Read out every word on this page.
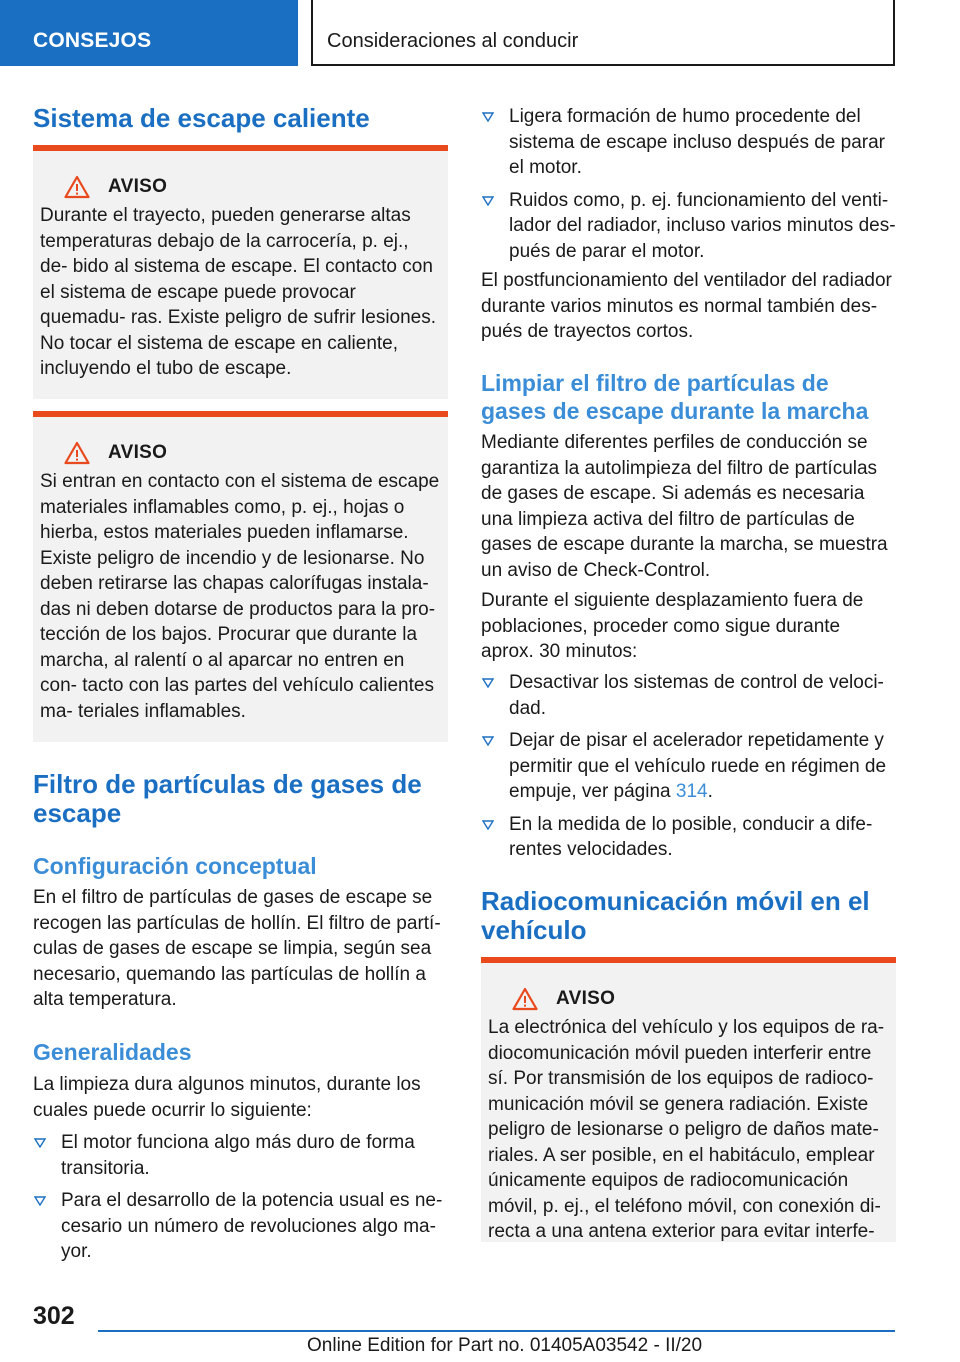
CONSEJOS	Consideraciones al conducir
Sistema de escape caliente
AVISO
Durante el trayecto, pueden generarse altas temperaturas debajo de la carrocería, p. ej., de- bido al sistema de escape. El contacto con el sistema de escape puede provocar quemadu- ras. Existe peligro de sufrir lesiones. No tocar el sistema de escape en caliente, incluyendo el tubo de escape.
AVISO
Si entran en contacto con el sistema de escape materiales inflamables como, p. ej., hojas o hierba, estos materiales pueden inflamarse. Existe peligro de incendio y de lesionarse. No deben retirarse las chapas calorífugas instala- das ni deben dotarse de productos para la pro- tección de los bajos. Procurar que durante la marcha, al ralentí o al aparcar no entren en con- tacto con las partes del vehículo calientes ma- teriales inflamables.
Filtro de partículas de gases de escape
Configuración conceptual
En el filtro de partículas de gases de escape se recogen las partículas de hollín. El filtro de partí- culas de gases de escape se limpia, según sea necesario, quemando las partículas de hollín a alta temperatura.
Generalidades
La limpieza dura algunos minutos, durante los cuales puede ocurrir lo siguiente:
El motor funciona algo más duro de forma transitoria.
Para el desarrollo de la potencia usual es ne- cesario un número de revoluciones algo ma- yor.
Ligera formación de humo procedente del sistema de escape incluso después de parar el motor.
Ruidos como, p. ej. funcionamiento del venti- lador del radiador, incluso varios minutos des- pués de parar el motor.
El postfuncionamiento del ventilador del radiador durante varios minutos es normal también des- pués de trayectos cortos.
Limpiar el filtro de partículas de gases de escape durante la marcha
Mediante diferentes perfiles de conducción se garantiza la autolimpieza del filtro de partículas de gases de escape. Si además es necesaria una limpieza activa del filtro de partículas de gases de escape durante la marcha, se muestra un aviso de Check-Control.
Durante el siguiente desplazamiento fuera de poblaciones, proceder como sigue durante aprox. 30 minutos:
Desactivar los sistemas de control de veloci- dad.
Dejar de pisar el acelerador repetidamente y permitir que el vehículo ruede en régimen de empuje, ver página 314.
En la medida de lo posible, conducir a dife- rentes velocidades.
Radiocomunicación móvil en el vehículo
AVISO
La electrónica del vehículo y los equipos de ra- diocomunicación móvil pueden interferir entre sí. Por transmisión de los equipos de radioco- municación móvil se genera radiación. Existe peligro de lesionarse o peligro de daños mate- riales. A ser posible, en el habitáculo, emplear únicamente equipos de radiocomunicación móvil, p. ej., el teléfono móvil, con conexión di- recta a una antena exterior para evitar interfe-
302
Online Edition for Part no. 01405A03542 - II/20
